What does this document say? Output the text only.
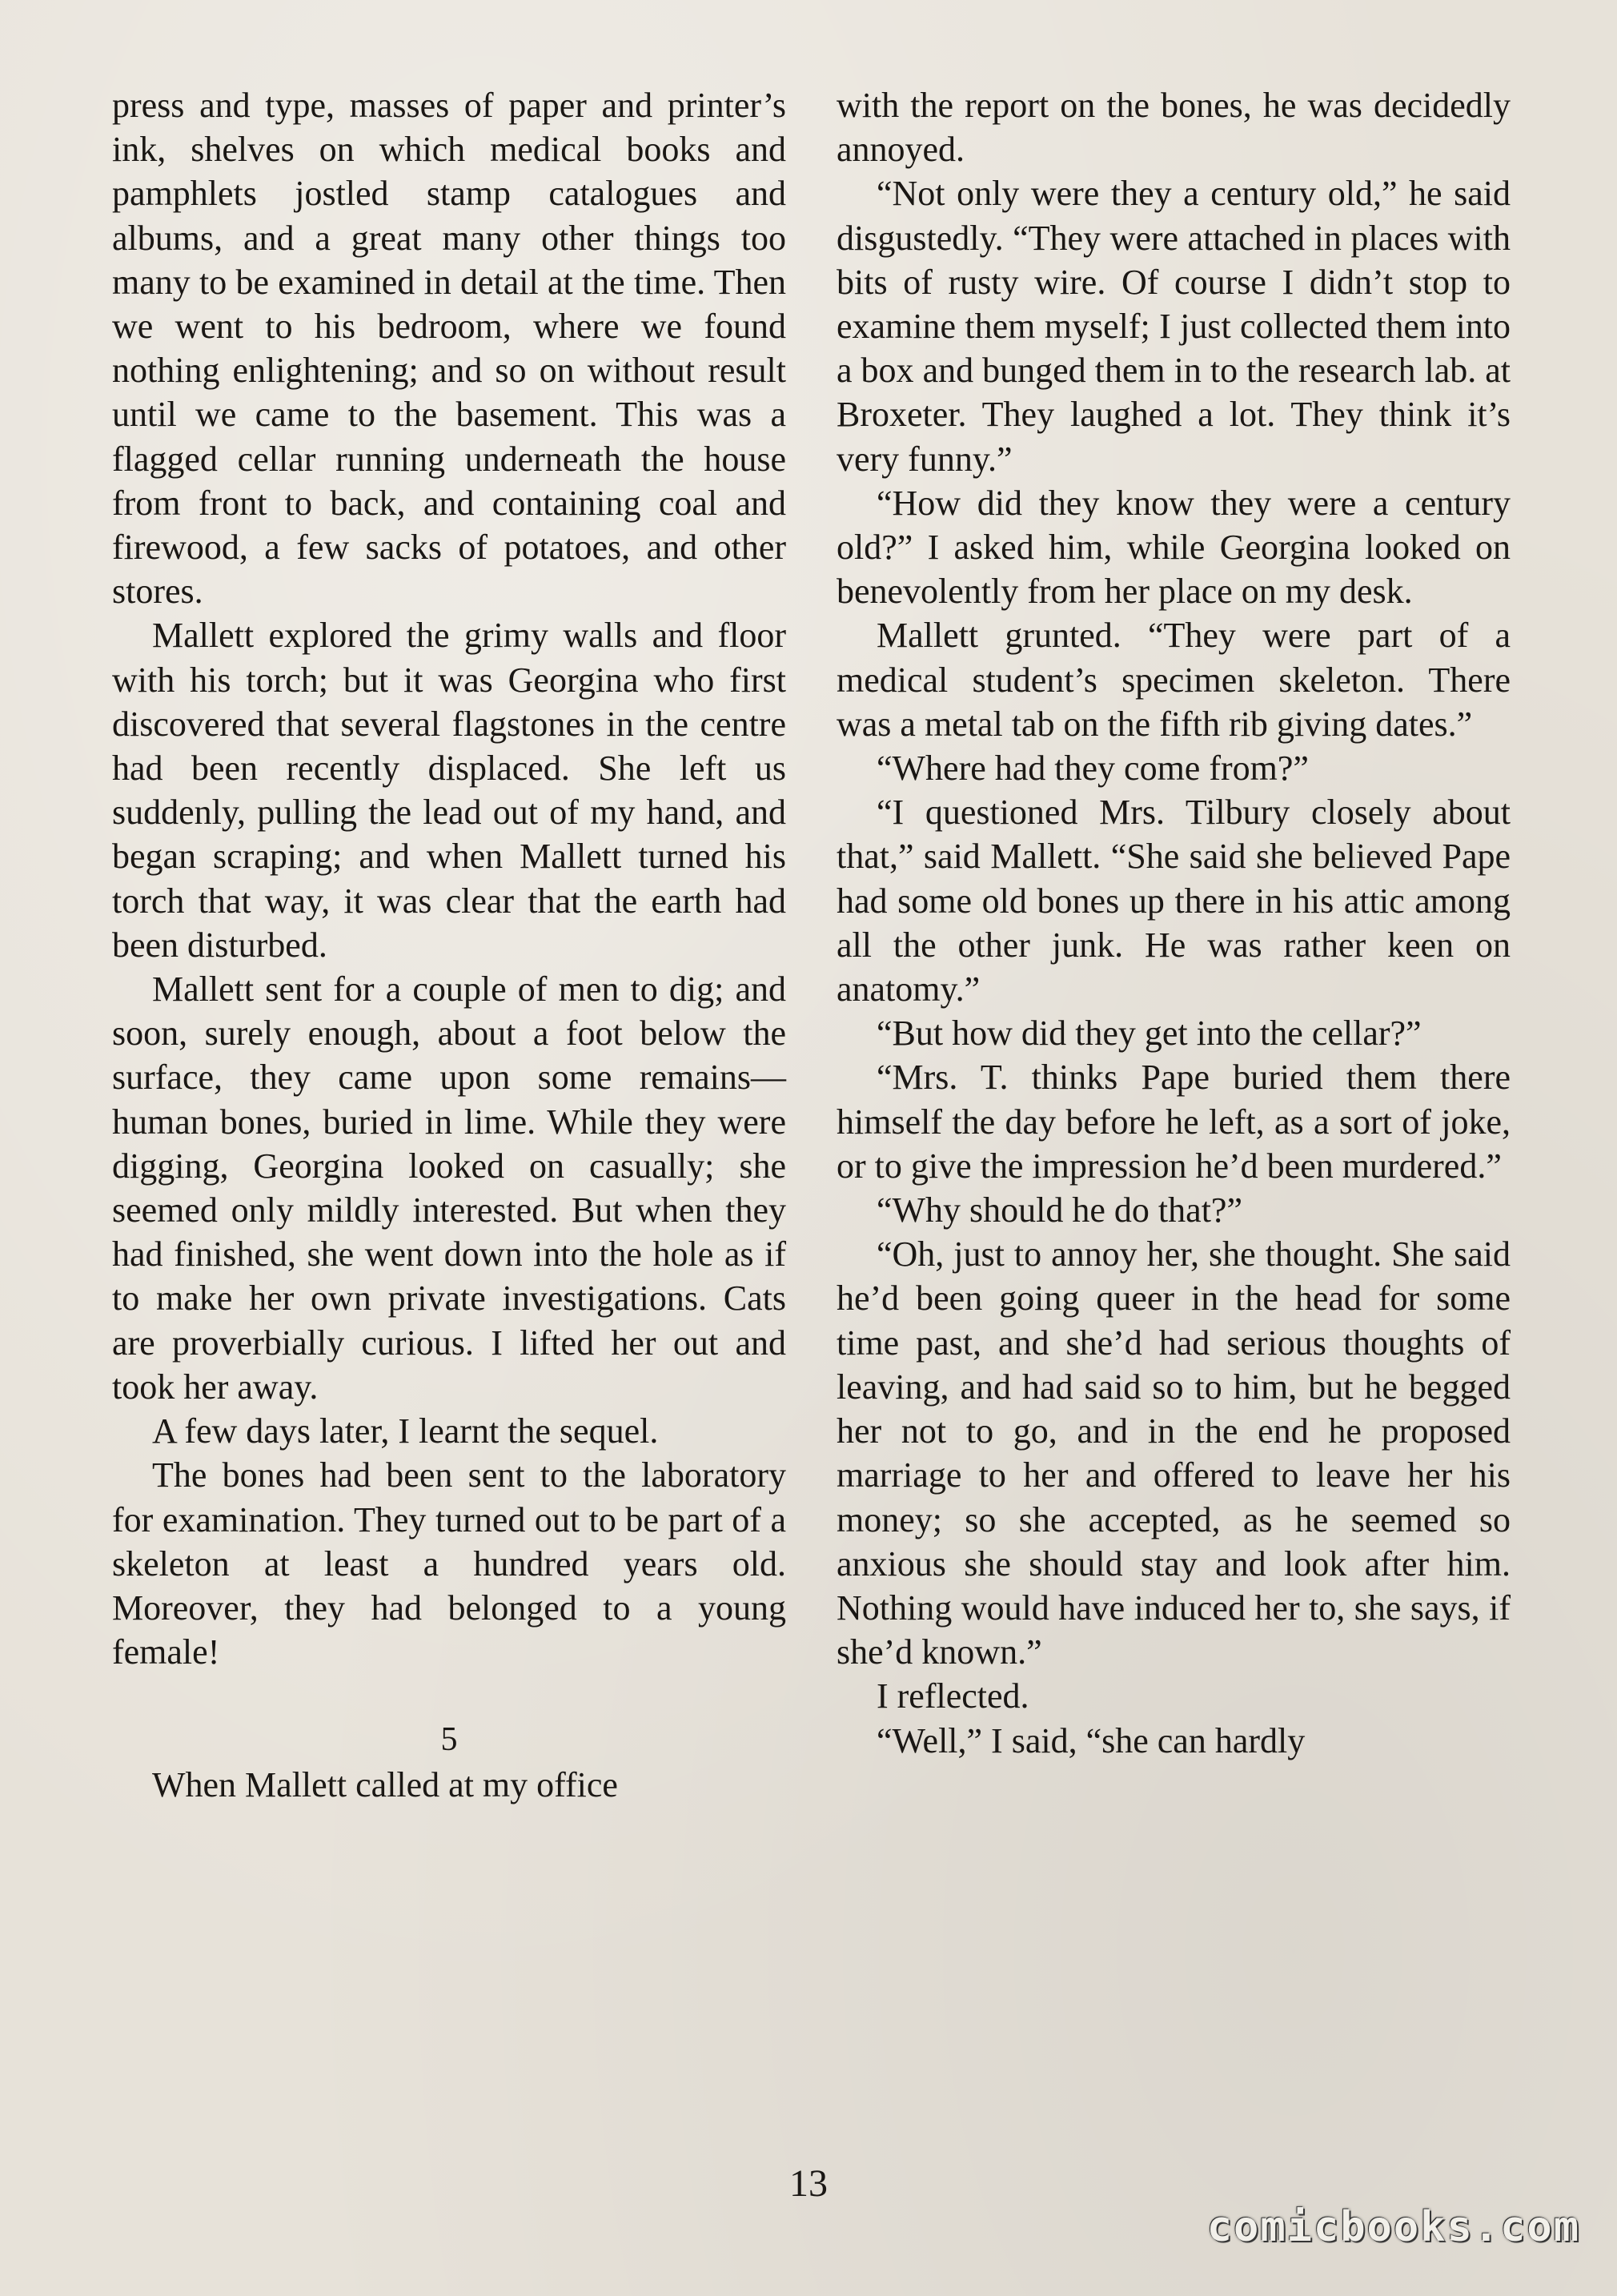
press and type, masses of paper and printer’s ink, shelves on which medical books and pamphlets jostled stamp catalogues and albums, and a great many other things too many to be examined in detail at the time. Then we went to his bedroom, where we found nothing enlightening; and so on without result until we came to the basement. This was a flagged cellar running underneath the house from front to back, and containing coal and firewood, a few sacks of potatoes, and other stores.

Mallett explored the grimy walls and floor with his torch; but it was Georgina who first discovered that several flagstones in the centre had been recently displaced. She left us suddenly, pulling the lead out of my hand, and began scraping; and when Mallett turned his torch that way, it was clear that the earth had been disturbed.

Mallett sent for a couple of men to dig; and soon, surely enough, about a foot below the surface, they came upon some remains—human bones, buried in lime. While they were digging, Georgina looked on casually; she seemed only mildly interested. But when they had finished, she went down into the hole as if to make her own private investigations. Cats are proverbially curious. I lifted her out and took her away.

A few days later, I learnt the sequel.

The bones had been sent to the laboratory for examination. They turned out to be part of a skeleton at least a hundred years old. Moreover, they had belonged to a young female!

5

When Mallett called at my office

with the report on the bones, he was decidedly annoyed.

“Not only were they a century old,” he said disgustedly. “They were attached in places with bits of rusty wire. Of course I didn’t stop to examine them myself; I just collected them into a box and bunged them in to the research lab. at Broxeter. They laughed a lot. They think it’s very funny.”

“How did they know they were a century old?” I asked him, while Georgina looked on benevolently from her place on my desk.

Mallett grunted. “They were part of a medical student’s specimen skeleton. There was a metal tab on the fifth rib giving dates.”

“Where had they come from?”

“I questioned Mrs. Tilbury closely about that,” said Mallett. “She said she believed Pape had some old bones up there in his attic among all the other junk. He was rather keen on anatomy.”

“But how did they get into the cellar?”

“Mrs. T. thinks Pape buried them there himself the day before he left, as a sort of joke, or to give the impression he’d been murdered.”

“Why should he do that?”

“Oh, just to annoy her, she thought. She said he’d been going queer in the head for some time past, and she’d had serious thoughts of leaving, and had said so to him, but he begged her not to go, and in the end he proposed marriage to her and offered to leave her his money; so she accepted, as he seemed so anxious she should stay and look after him. Nothing would have induced her to, she says, if she’d known.”

I reflected.

“Well,” I said, “she can hardly

13
comicbooks.com
